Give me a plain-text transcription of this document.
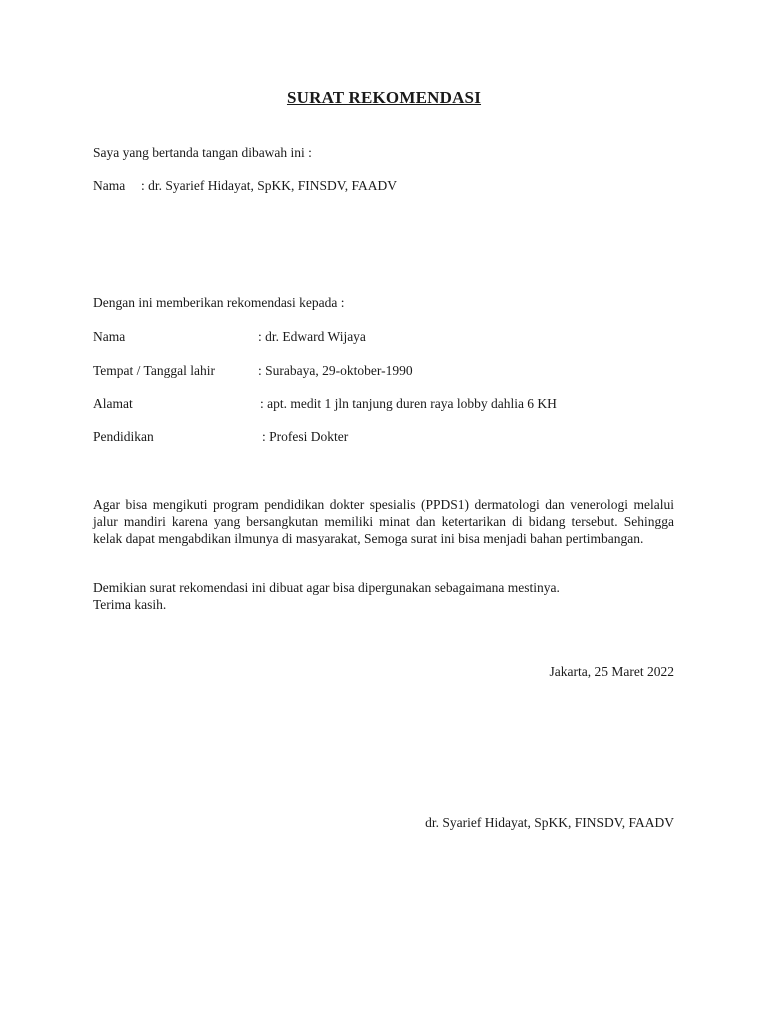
SURAT REKOMENDASI
Saya yang bertanda tangan dibawah ini :
Nama : dr. Syarief Hidayat, SpKK, FINSDV, FAADV
Dengan ini memberikan rekomendasi kepada :
Nama	: dr. Edward Wijaya
Tempat / Tanggal lahir	: Surabaya, 29-oktober-1990
Alamat	: apt. medit 1 jln tanjung duren raya lobby dahlia 6 KH
Pendidikan	: Profesi Dokter
Agar bisa mengikuti program pendidikan dokter spesialis (PPDS1) dermatologi dan venerologi melalui jalur mandiri karena yang bersangkutan memiliki minat dan ketertarikan di bidang tersebut. Sehingga kelak dapat mengabdikan ilmunya di masyarakat, Semoga surat ini bisa menjadi bahan pertimbangan.
Demikian surat rekomendasi ini dibuat agar bisa dipergunakan sebagaimana mestinya.
Terima kasih.
Jakarta, 25 Maret 2022
dr. Syarief Hidayat, SpKK, FINSDV, FAADV
